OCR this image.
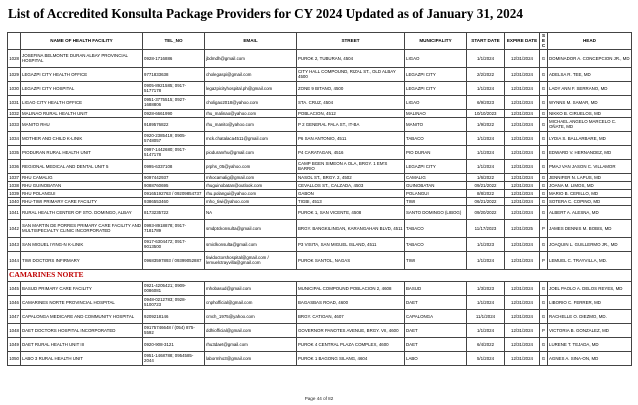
List of Accredited Konsulta Package Providers for CY 2024 Updated as of January 31, 2024
	NAME OF HEALTH FACILITY	TEL_NO	EMAIL	STREET	MUNICIPALITY	START DATE	EXPIRE DATE	SEC	HEAD
1028	JOSEFINA BELMONTE DURAN ALBAY PROVINCIAL HOSPITAL	0928-1716886	jbdmdh@gmail.com	PUROK 2, TUBURAN, 4504	LIGAO	1/1/2024	12/31/2024	G	DOMINADOR A. CONCEPCION JR., MD
1029	LEGAZPI CITY HEALTH OFFICE	9771833638	cholegaspi@gmail.com	CITY HALL COMPOUND, RIZAL ST., OLD ALBAY 4500	LEGAZPI CITY	2/2/2022	12/31/2024	G	ADELSA R. TEE, MD
1030	LEGAZPI CITY HOSPITAL	0905-8921585; 0917-5177178	legazpicityhospital.ph@gmail.com	ZONE 9 BITANO, 4500	LEGAZPI CITY	1/1/2024	12/31/2024	G	LADY ANN F. SERRANO, MD
1031	LIGAO CITY HEALTH OFFICE	0951-3775515; 0927-1688806	choligao2018@yahoo.com	STA. CRUZ, 4504	LIGAO	6/9/2023	12/31/2024	G	WYNNS M. SAMAR, MD
1032	MALINAO RURAL HEALTH UNIT	0928-6661990	rhu_malinao@yahoo.com	POBLACION, 4512	MALINAO	10/10/2023	12/31/2024	G	NIKKO B. CIRUELOS, MD
1033	MANITO RHU	9189576822	rhu_manito@yahoo.com	P 2 GENERAL PALA ST., IT-BA	MANITO	1/9/2022	12/31/2024	G	MICHAEL ANGELO MARCELO C. OÑATE, MD
1034	MOTHER AND CHILD K-LINIK	0920-2385419; 0905-5748057	mck.chatalaca4511@gmail.com	P6 SAN ANTONIO, 4511	TABACO	1/1/2024	12/31/2024	G	LYDIA S. BALLARBARE, MD
1035	PIODURAN RURAL HEALTH UNIT	0997-1442680; 0917-5147178	pioduranrhu@gmail.com	P4 CARATAGAN, 4516	PIO DURAN	1/1/2024	12/31/2024	G	EDWARD V. HERNANDEZ, MD
1036	REGIONAL MEDICAL AND DENTAL UNIT 5	0995-6337108	prphs_05@yahoo.com	CAMP BGEN SIMEON A OLA, BRGY. 1 EM'S BARRIO	LEGAZPI CITY	1/1/2024	12/31/2024	G	PMAJ VAN JASON C. VILLAMOR
1037	RHU CAMALIG	9097442937	mhocamalig@gmail.com	NASOL ST., BRGY. 2, 4502	CAMALIG	1/6/2022	12/31/2024	G	JENNIFER N. LAPUS, MD
1038	RHU GUINOBATAN	9088760695	rhuguinobatan@outlook.com	CEVALLOS ST., CALZADA, 4503	GUINOBATAN	09/21/2022	12/31/2024	G	JOANA M. LIMOS, MD
1039	RHU POLANGUI	09165192763 / 09209854737	rhu.polangui@yahoo.com	GABON	POLANGUI	8/8/2022	12/31/2024	G	MARIO B. CERILLO, MD
1040	RHU-TIWI PRIMARY CARE FACILITY	9386553460	mho_tiwi@yahoo.com	TIGBI, 4513	TIWI	06/21/2022	12/31/2024	G	SOTERA C. COPINO, MD
1041	RURAL HEALTH CENTER OF STO. DOMINGO, ALBAY	8173235722	NA	PUROK 1, SAN VICENTE, 4508	SANTO DOMINGO (LIBOG)	09/20/2022	12/31/2024	G	ALBERT A. ALESNA, MD
1042	SAN MARTIN DE PORRES PRIMARY CARE FACILITY AND MULTISPECIALTY CLINIC INCORPORATED	0993-8918878; 0917-7181789	smdptckonsulta@gmail.com	BRGY. BANGKILINGAN, KARANGAHAN BLVD, 4511	TABACO	11/17/2023	12/31/2025	P	JAMES DENNIS M. BOBIS, MD
1043	SAN MIGUEL IYING-N K-LINIK	0917-6304472; 0917-9013500	smiclkonsulta@gmail.com	P3 VISITA, SAN MIGUEL ISLAND, 4511	TABACO	1/1/2023	12/31/2024	G	JOAQUIN L. GUILLERMO JR., MD
1044	TIWI DOCTORS INFIRMARY	09683597893 / 09399052887	tiwidoctorshospital@gmail.com / lemuelctrayvilla@gmail.com	PUROK SANTOL, NAGAS	TIWI	1/1/2024	12/31/2024	P	LEMUEL C. TRAYVILLA, MD.
CAMARINES NORTE									
1045	BASUD PRIMARY CARE FACILITY	0921-4205421; 0909-0086081	mhobasud@gmail.com	MUNICIPAL COMPOUND POBLACION 2, 4608	BASUD	1/3/2023	12/31/2024	G	JOEL PAOLO A. DELOS REYES, MD
1046	CAMARINES NORTE PROVINCIAL HOSPITAL	0948-0212783; 0928-5100723	cnphofficial@gmail.com	BAGASBAS ROAD, 4600	DAET	1/1/2024	12/31/2024	G	LIBORIO C. FERRER, MD
1047	CAPALONGA MEDICARE AND COMMUNITY HOSPITAL	9209218146	cmch_1975@yahoo.com	BRGY. CATIOAN, 4607	CAPALONGA	11/1/2024	12/31/2024	G	RACHELLE O. DIEZMO, MD.
1048	DAET DOCTORS HOSPITAL INCORPORATED	09175746648 / (054) 875-5592	ddhiofficial@gmail.com	GOVERNOR PANOTES AVENUE, BRGY. VII, 4600	DAET	1/1/2024	12/31/2024	P	VICTORIA B. GONZALEZ, MD
1049	DAET RURAL HEALTH UNIT III	0920-908-3121	rhu3daet@gmail.com	PUROK 4 CENTRAL PLAZA COMPLEX, 4600	DAET	6/4/2022	12/31/2024	G	LURENE T. TEJADA, MD
1050	LABO 3 RURAL HEALTH UNIT	0951-1468788; 0954585-2044	labormho3@gmail.com	PUROK 1 BAGONG SILANG, 4604	LABO	5/1/2024	12/31/2024	G	AGNES A. SINA-ON, MD
Page 44 of 82
